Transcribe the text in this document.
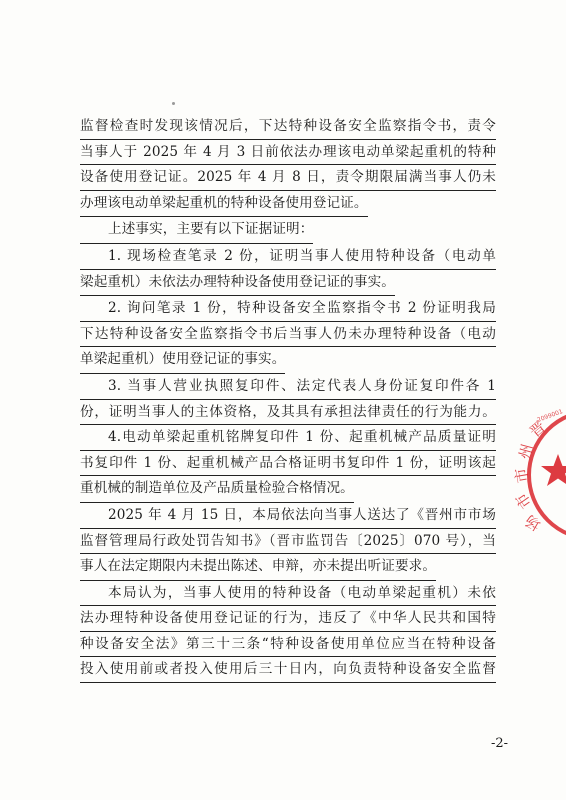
监督检查时发现该情况后，下达特种设备安全监察指令书，责令
当事人于 2025 年 4 月 3 日前依法办理该电动单梁起重机的特种
设备使用登记证。2025 年 4 月 8 日，责令期限届满当事人仍未
办理该电动单梁起重机的特种设备使用登记证。
上述事实，主要有以下证据证明：
1. 现场检查笔录 2 份，证明当事人使用特种设备（电动单
梁起重机）未依法办理特种设备使用登记证的事实。
2. 询问笔录 1 份，特种设备安全监察指令书 2 份证明我局
下达特种设备安全监察指令书后当事人仍未办理特种设备（电动
单梁起重机）使用登记证的事实。
3. 当事人营业执照复印件、法定代表人身份证复印件各 1
份，证明当事人的主体资格，及其具有承担法律责任的行为能力。
4.电动单梁起重机铭牌复印件 1 份、起重机械产品质量证明
书复印件 1 份、起重机械产品合格证明书复印件 1 份，证明该起
重机械的制造单位及产品质量检验合格情况。
2025 年 4 月 15 日，本局依法向当事人送达了《晋州市市场
监督管理局行政处罚告知书》（晋市监罚告〔2025〕070 号），当
事人在法定期限内未提出陈述、申辩，亦未提出听证要求。
本局认为，当事人使用的特种设备（电动单梁起重机）未依
法办理特种设备使用登记证的行为，违反了《中华人民共和国特
种设备安全法》第三十三条“特种设备使用单位应当在特种设备
投入使用前或者投入使用后三十日内，向负责特种设备安全监督
晋
州
市
市
场
2099001
-2-
